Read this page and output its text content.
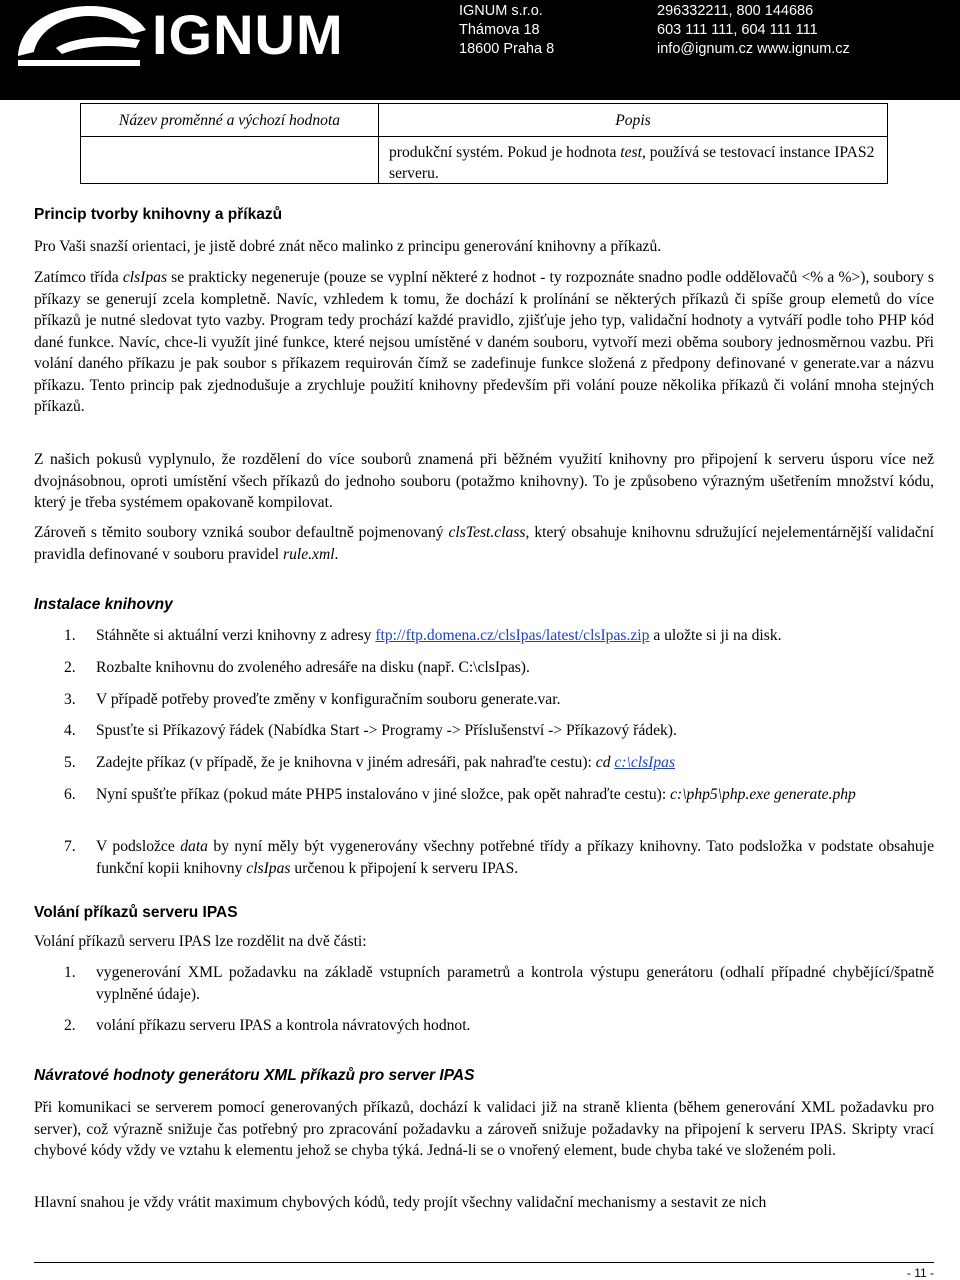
IGNUM	IGNUM s.r.o.
Thámova 18
18600 Praha 8
296332211, 800 144686
603 111 111, 604 111 111
info@ignum.cz www.ignum.cz
Název proměnné a výchozí hodnota	Popis
produkční systém. Pokud je hodnota test, používá se testovací instance IPAS2 serveru.
Princip tvorby knihovny a příkazů

Pro Vaši snazší orientaci, je jistě dobré znát něco malinko z principu generování knihovny a příkazů.

Zatímco třída clsIpas se prakticky negeneruje (pouze se vyplní některé z hodnot - ty rozpoznáte snadno podle oddělovačů <% a %>), soubory s příkazy se generují zcela kompletně. Navíc, vzhledem k tomu, že dochází k prolínání se některých příkazů či spíše group elemetů do více příkazů je nutné sledovat tyto vazby. Program tedy prochází každé pravidlo, zjišťuje jeho typ, validační hodnoty a vytváří podle toho PHP kód dané funkce. Navíc, chce-li využít jiné funkce, které nejsou umístěné v daném souboru, vytvoří mezi oběma soubory jednosměrnou vazbu. Při volání daného příkazu je pak soubor s příkazem requirován čímž se zadefinuje funkce složená z předpony definované v generate.var a názvu příkazu. Tento princip pak zjednodušuje a zrychluje použití knihovny především při volání pouze několika příkazů či volání mnoha stejných příkazů.

Z našich pokusů vyplynulo, že rozdělení do více souborů znamená při běžném využití knihovny pro připojení k serveru úsporu více než dvojnásobnou, oproti umístění všech příkazů do jednoho souboru (potažmo knihovny). To je způsobeno výrazným ušetřením množství kódu, který je třeba systémem opakovaně kompilovat.

Zároveň s těmito soubory vzniká soubor defaultně pojmenovaný clsTest.class, který obsahuje knihovnu sdružující nejelementárnější validační pravidla definované v souboru pravidel rule.xml.

Instalace knihovny
1. Stáhněte si aktuální verzi knihovny z adresy ftp://ftp.domena.cz/clsIpas/latest/clsIpas.zip a uložte si ji na disk.
2. Rozbalte knihovnu do zvoleného adresáře na disku (např. C:\clsIpas).
3. V případě potřeby proveďte změny v konfiguračním souboru generate.var.
4. Spusťte si Příkazový řádek (Nabídka Start -> Programy -> Příslušenství -> Příkazový řádek).
5. Zadejte příkaz (v případě, že je knihovna v jiném adresáři, pak nahraďte cestu): cd c:\clsIpas
6. Nyní spušťte příkaz (pokud máte PHP5 instalováno v jiné složce, pak opět nahraďte cestu): c:\php5\php.exe generate.php
7. V podsložce data by nyní měly být vygenerovány všechny potřebné třídy a příkazy knihovny. Tato podsložka v podstate obsahuje funkční kopii knihovny clsIpas určenou k připojení k serveru IPAS.
Volání příkazů serveru IPAS

Volání příkazů serveru IPAS lze rozdělit na dvě části:

1. vygenerování XML požadavku na základě vstupních parametrů a kontrola výstupu generátoru (odhalí případné chybějící/špatně vyplněné údaje).
2. volání příkazu serveru IPAS a kontrola návratových hodnot.
Návratové hodnoty generátoru XML příkazů pro server IPAS

Při komunikaci se serverem pomocí generovaných příkazů, dochází k validaci již na straně klienta (během generování XML požadavku pro server), což výrazně snižuje čas potřebný pro zpracování požadavku a zároveň snižuje požadavky na připojení k serveru IPAS. Skripty vrací chybové kódy vždy ve vztahu k elementu jehož se chyba týká. Jedná-li se o vnořený element, bude chyba také ve složeném poli.

Hlavní snahou je vždy vrátit maximum chybových kódů, tedy projít všechny validační mechanismy a sestavit ze nich

- 11 -
